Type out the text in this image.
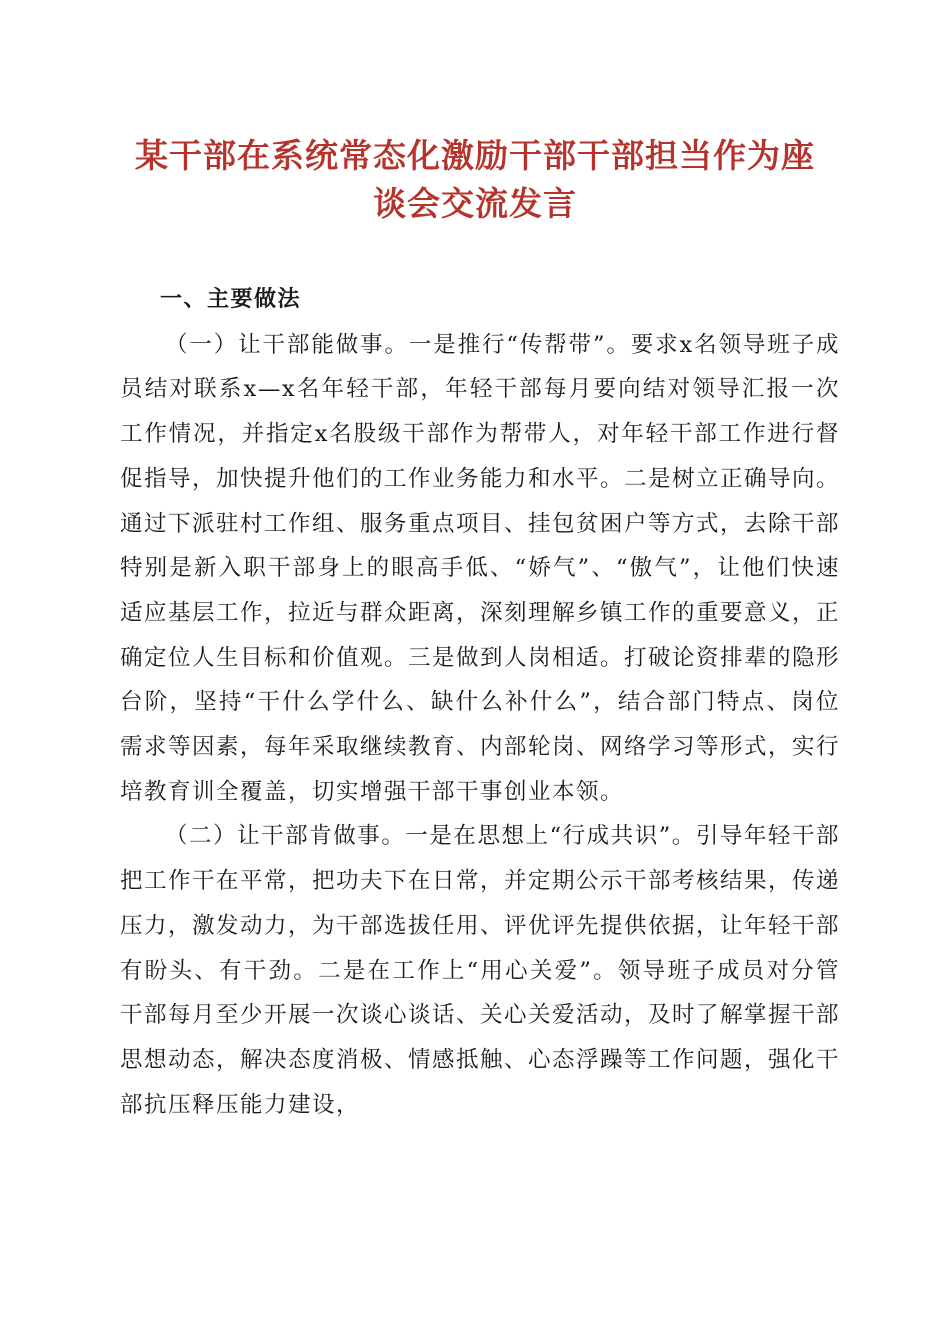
某干部在系统常态化激励干部干部担当作为座
谈会交流发言

一、主要做法

（一）让干部能做事。一是推行“传帮带”。要求x名领导班子成员结对联系x—x名年轻干部，年轻干部每月要向结对领导汇报一次工作情况，并指定x名股级干部作为帮带人，对年轻干部工作进行督促指导，加快提升他们的工作业务能力和水平。二是树立正确导向。通过下派驻村工作组、服务重点项目、挂包贫困户等方式，去除干部特别是新入职干部身上的眼高手低、“娇气”、“傲气”，让他们快速适应基层工作，拉近与群众距离，深刻理解乡镇工作的重要意义，正确定位人生目标和价值观。三是做到人岗相适。打破论资排辈的隐形台阶，坚持“干什么学什么、缺什么补什么”，结合部门特点、岗位需求等因素，每年采取继续教育、内部轮岗、网络学习等形式，实行培教育训全覆盖，切实增强干部干事创业本领。

（二）让干部肯做事。一是在思想上“行成共识”。引导年轻干部把工作干在平常，把功夫下在日常，并定期公示干部考核结果，传递压力，激发动力，为干部选拔任用、评优评先提供依据，让年轻干部有盼头、有干劲。二是在工作上“用心关爱”。领导班子成员对分管干部每月至少开展一次谈心谈话、关心关爱活动，及时了解掌握干部思想动态，解决态度消极、情感抵触、心态浮躁等工作问题，强化干部抗压释压能力建设，
